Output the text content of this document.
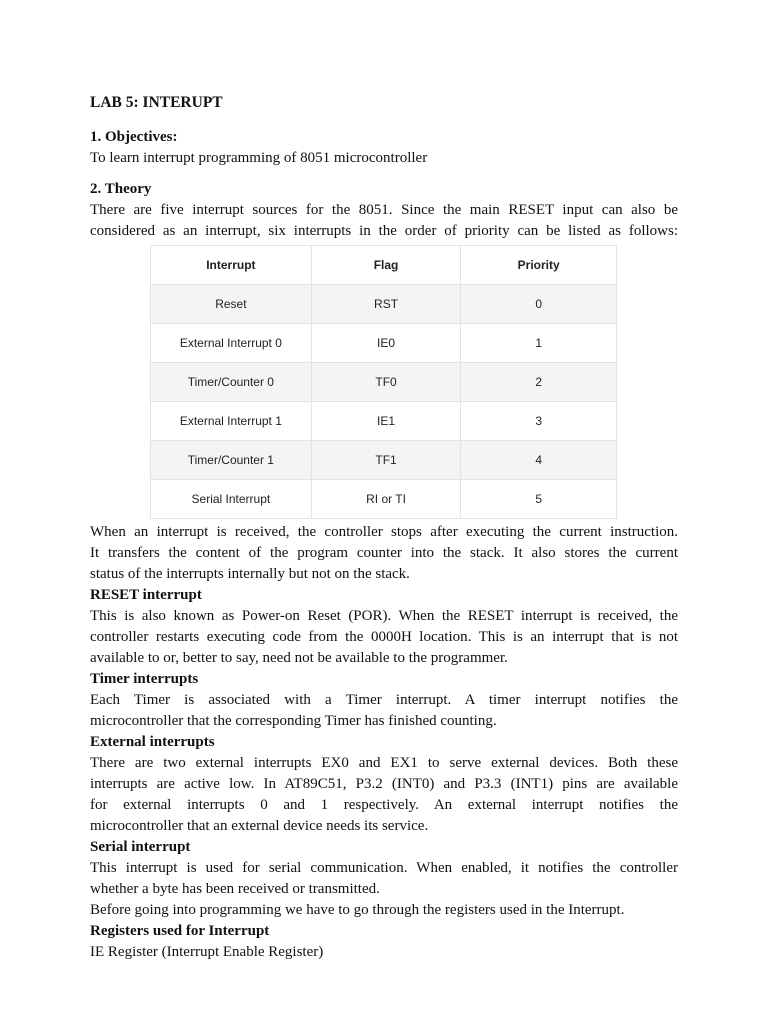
LAB 5: INTERUPT
1. Objectives:
To learn interrupt programming of 8051 microcontroller
2. Theory
There are five interrupt sources for the 8051. Since the main RESET input can also be
considered as an interrupt, six interrupts in the order of priority can be listed as follows:
Interrupt	Flag	Priority
Reset	RST	0
External Interrupt 0	IE0	1
Timer/Counter 0	TF0	2
External Interrupt 1	IE1	3
Timer/Counter 1	TF1	4
Serial Interrupt	RI or TI	5
When an interrupt is received, the controller stops after executing the current instruction.
It transfers the content of the program counter into the stack. It also stores the current
status of the interrupts internally but not on the stack.
RESET interrupt
This is also known as Power-on Reset (POR). When the RESET interrupt is received, the
controller restarts executing code from the 0000H location. This is an interrupt that is not
available to or, better to say, need not be available to the programmer.
Timer interrupts
Each Timer is associated with a Timer interrupt. A timer interrupt notifies the
microcontroller that the corresponding Timer has finished counting.
External interrupts
There are two external interrupts EX0 and EX1 to serve external devices. Both these
interrupts are active low. In AT89C51, P3.2 (INT0) and P3.3 (INT1) pins are available
for external interrupts 0 and 1 respectively. An external interrupt notifies the
microcontroller that an external device needs its service.
Serial interrupt
This interrupt is used for serial communication. When enabled, it notifies the controller
whether a byte has been received or transmitted.
Before going into programming we have to go through the registers used in the Interrupt.
Registers used for Interrupt
IE Register (Interrupt Enable Register)
